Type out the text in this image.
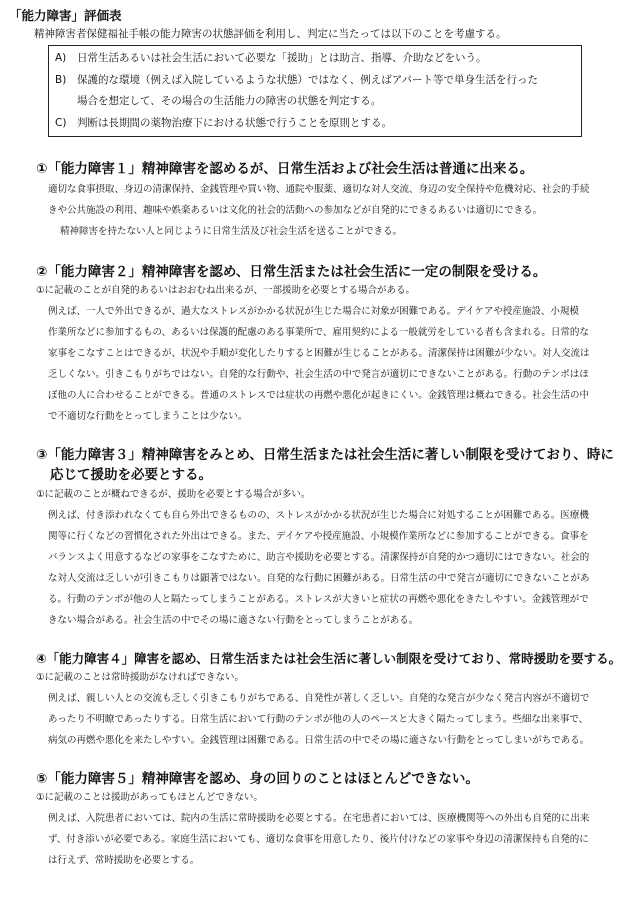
「能力障害」評価表
精神障害者保健福祉手帳の能力障害の状態評価を利用し、判定に当たっては以下のことを考慮する。
A) 日常生活あるいは社会生活において必要な「援助」とは助言、指導、介助などをいう。
B) 保護的な環境（例えば入院しているような状態）ではなく、例えばアパート等で単身生活を行った
場合を想定して、その場合の生活能力の障害の状態を判定する。
C) 判断は長期間の薬物治療下における状態で行うことを原則とする。
①「能力障害１」精神障害を認めるが、日常生活および社会生活は普通に出来る。
適切な食事摂取、身辺の清潔保持、金銭管理や買い物、通院や服薬、適切な対人交流、身辺の安全保持や危機対応、社会的手続
きや公共施設の利用、趣味や娯楽あるいは文化的社会的活動への参加などが自発的にできるあるいは適切にできる。
精神障害を持たない人と同じように日常生活及び社会生活を送ることができる。
②「能力障害２」精神障害を認め、日常生活または社会生活に一定の制限を受ける。
①に記載のことが自発的あるいはおおむね出来るが、一部援助を必要とする場合がある。
例えば、一人で外出できるが、過大なストレスがかかる状況が生じた場合に対象が困難である。デイケアや授産施設、小規模
作業所などに参加するもの、あるいは保護的配慮のある事業所で、雇用契約による一般就労をしている者も含まれる。日常的な
家事をこなすことはできるが、状況や手順が変化したりすると困難が生じることがある。清潔保持は困難が少ない。対人交流は
乏しくない。引きこもりがちではない。自発的な行動や、社会生活の中で発言が適切にできないことがある。行動のテンポはほ
ぼ他の人に合わせることができる。普通のストレスでは症状の再燃や悪化が起きにくい。金銭管理は概ねできる。社会生活の中
で不適切な行動をとってしまうことは少ない。
③「能力障害３」精神障害をみとめ、日常生活または社会生活に著しい制限を受けており、時に
応じて援助を必要とする。
①に記載のことが概ねできるが、援助を必要とする場合が多い。
例えば、付き添われなくても自ら外出できるものの、ストレスがかかる状況が生じた場合に対処することが困難である。医療機
関等に行くなどの習慣化された外出はできる。また、デイケアや授産施設、小規模作業所などに参加することができる。食事を
バランスよく用意するなどの家事をこなすために、助言や援助を必要とする。清潔保持が自発的かつ適切にはできない。社会的
な対人交流は乏しいが引きこもりは顕著ではない。自発的な行動に困難がある。日常生活の中で発言が適切にできないことがあ
る。行動のテンポが他の人と隔たってしまうことがある。ストレスが大きいと症状の再燃や悪化をきたしやすい。金銭管理がで
きない場合がある。社会生活の中でその場に適さない行動をとってしまうことがある。
④「能力障害４」障害を認め、日常生活または社会生活に著しい制限を受けており、常時援助を要する。
①に記載のことは常時援助がなければできない。
例えば、親しい人との交流も乏しく引きこもりがちである、自発性が著しく乏しい。自発的な発言が少なく発言内容が不適切で
あったり不明瞭であったりする。日常生活において行動のテンポが他の人のペースと大きく隔たってしまう。些細な出来事で、
病気の再燃や悪化を来たしやすい。金銭管理は困難である。日常生活の中でその場に適さない行動をとってしまいがちである。
⑤「能力障害５」精神障害を認め、身の回りのことはほとんどできない。
①に記載のことは援助があってもほとんどできない。
例えば、入院患者においては、院内の生活に常時援助を必要とする。在宅患者においては、医療機関等への外出も自発的に出来
ず、付き添いが必要である。家庭生活においても、適切な食事を用意したり、後片付けなどの家事や身辺の清潔保持も自発的に
は行えず、常時援助を必要とする。
